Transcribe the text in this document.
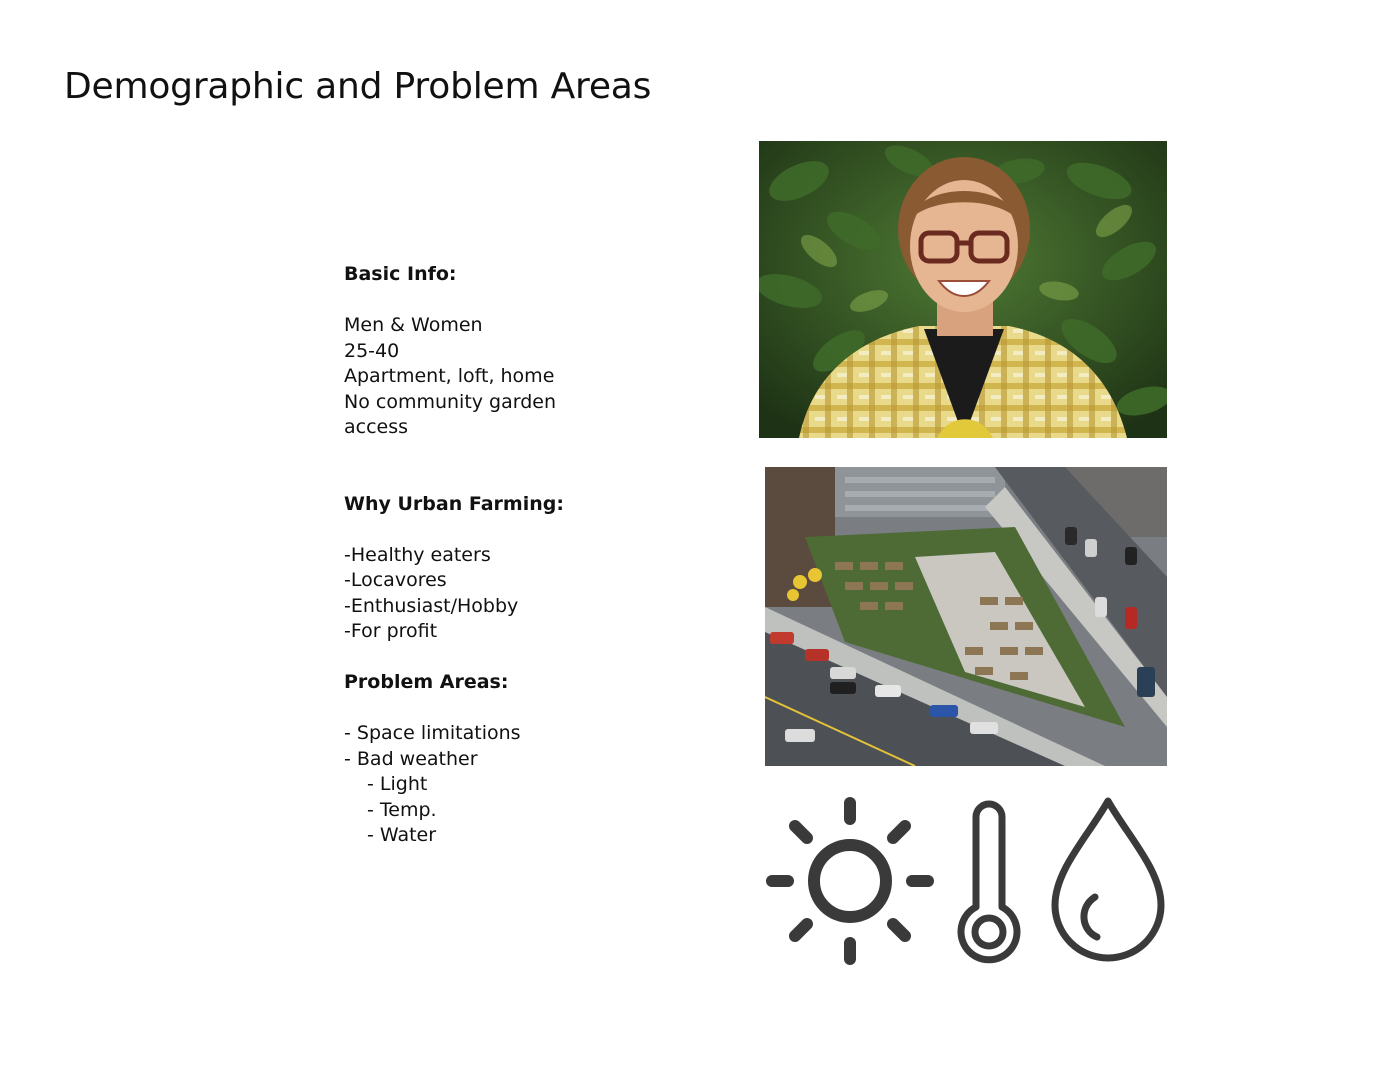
Demographic and Problem Areas
Basic Info:

Men & Women

25-40

Apartment, loft, home

No community garden

access

Why Urban Farming:

-Healthy eaters

-Locavores

-Enthusiast/Hobby

-For profit

Problem Areas:

- Space limitations

- Bad weather

- Light

- Temp.

- Water
